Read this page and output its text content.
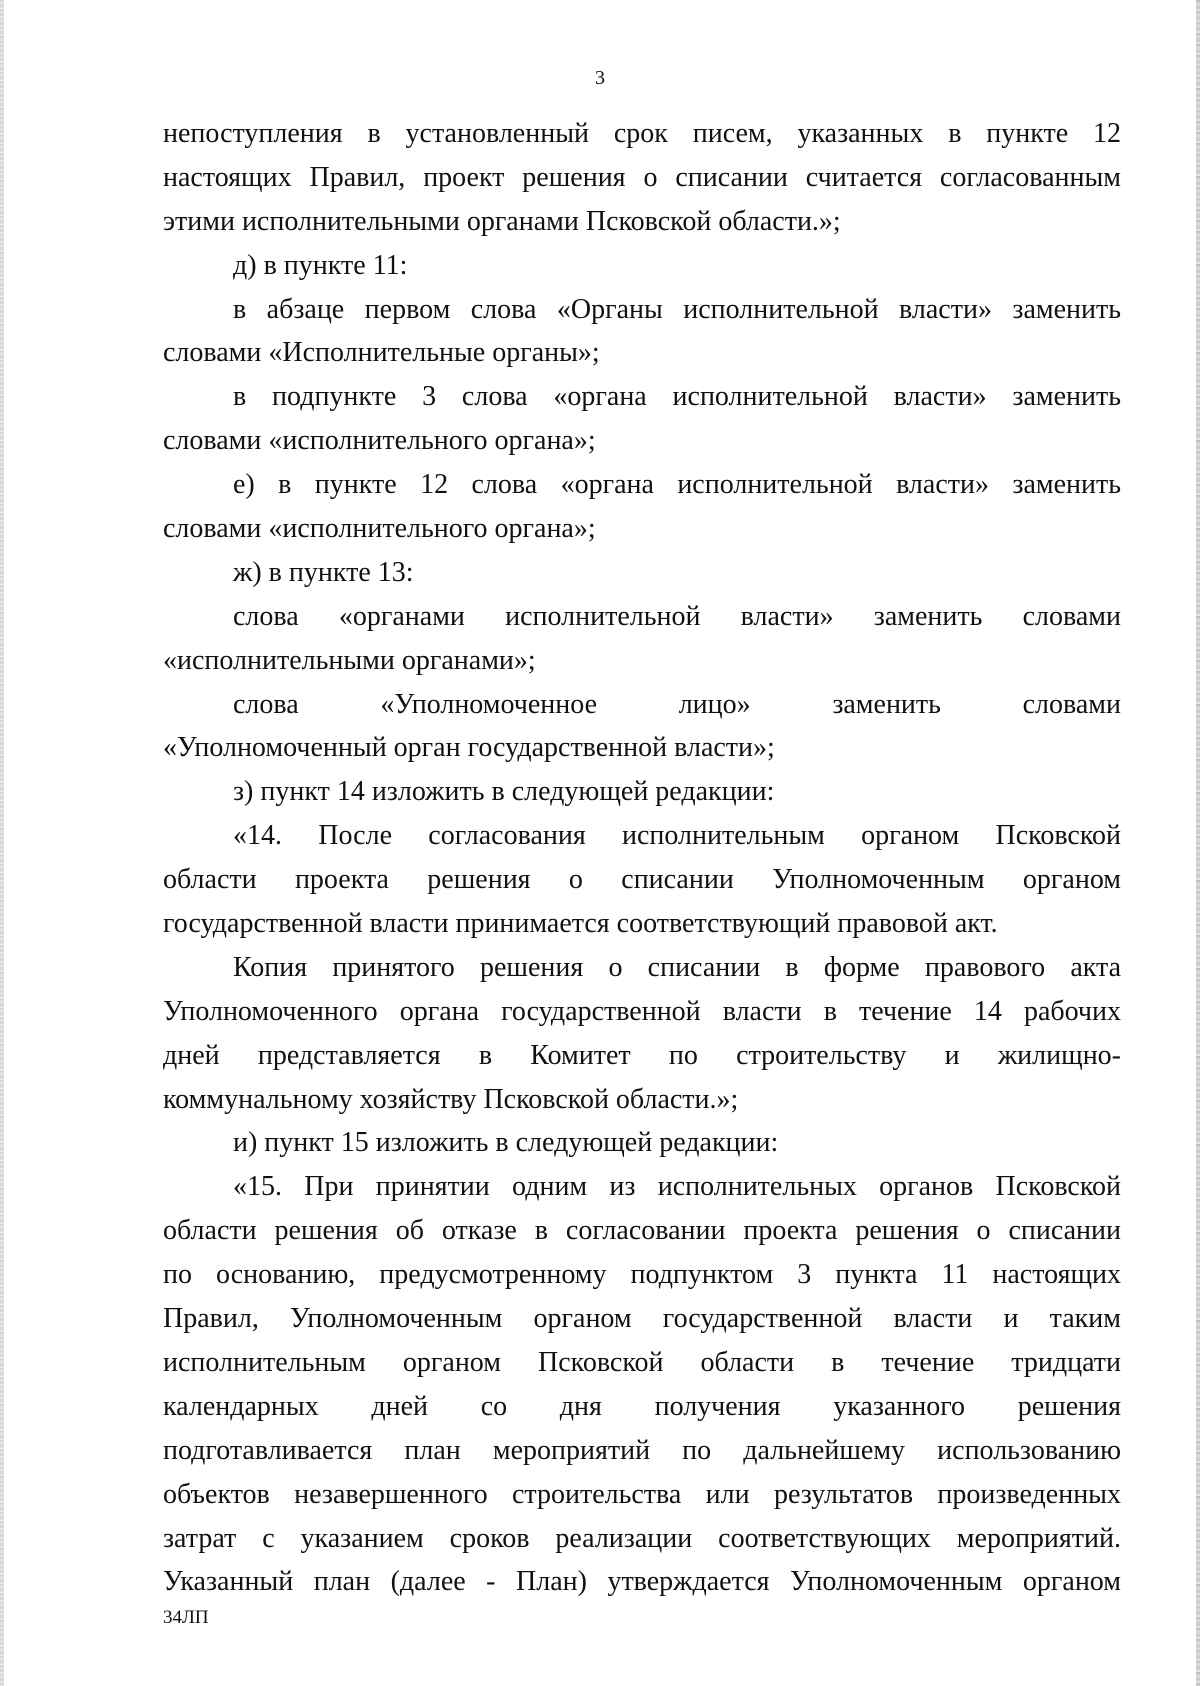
3
непоступления в установленный срок писем, указанных в пункте 12
настоящих Правил, проект решения о списании считается согласованным
этими исполнительными органами Псковской области.»;
д) в пункте 11:
в абзаце первом слова «Органы исполнительной власти» заменить
словами «Исполнительные органы»;
в подпункте 3 слова «органа исполнительной власти» заменить
словами «исполнительного органа»;
е) в пункте 12 слова «органа исполнительной власти» заменить
словами «исполнительного органа»;
ж) в пункте 13:
слова «органами исполнительной власти» заменить словами
«исполнительными органами»;
слова «Уполномоченное лицо» заменить словами
«Уполномоченный орган государственной власти»;
з) пункт 14 изложить в следующей редакции:
«14. После согласования исполнительным органом Псковской
области проекта решения о списании Уполномоченным органом
государственной власти принимается соответствующий правовой акт.
Копия принятого решения о списании в форме правового акта
Уполномоченного органа государственной власти в течение 14 рабочих
дней представляется в Комитет по строительству и жилищно-
коммунальному хозяйству Псковской области.»;
и) пункт 15 изложить в следующей редакции:
«15. При принятии одним из исполнительных органов Псковской
области решения об отказе в согласовании проекта решения о списании
по основанию, предусмотренному подпунктом 3 пункта 11 настоящих
Правил, Уполномоченным органом государственной власти и таким
исполнительным органом Псковской области в течение тридцати
календарных дней со дня получения указанного решения
подготавливается план мероприятий по дальнейшему использованию
объектов незавершенного строительства или результатов произведенных
затрат с указанием сроков реализации соответствующих мероприятий.
Указанный план (далее - План) утверждается Уполномоченным органом
34ЛП
